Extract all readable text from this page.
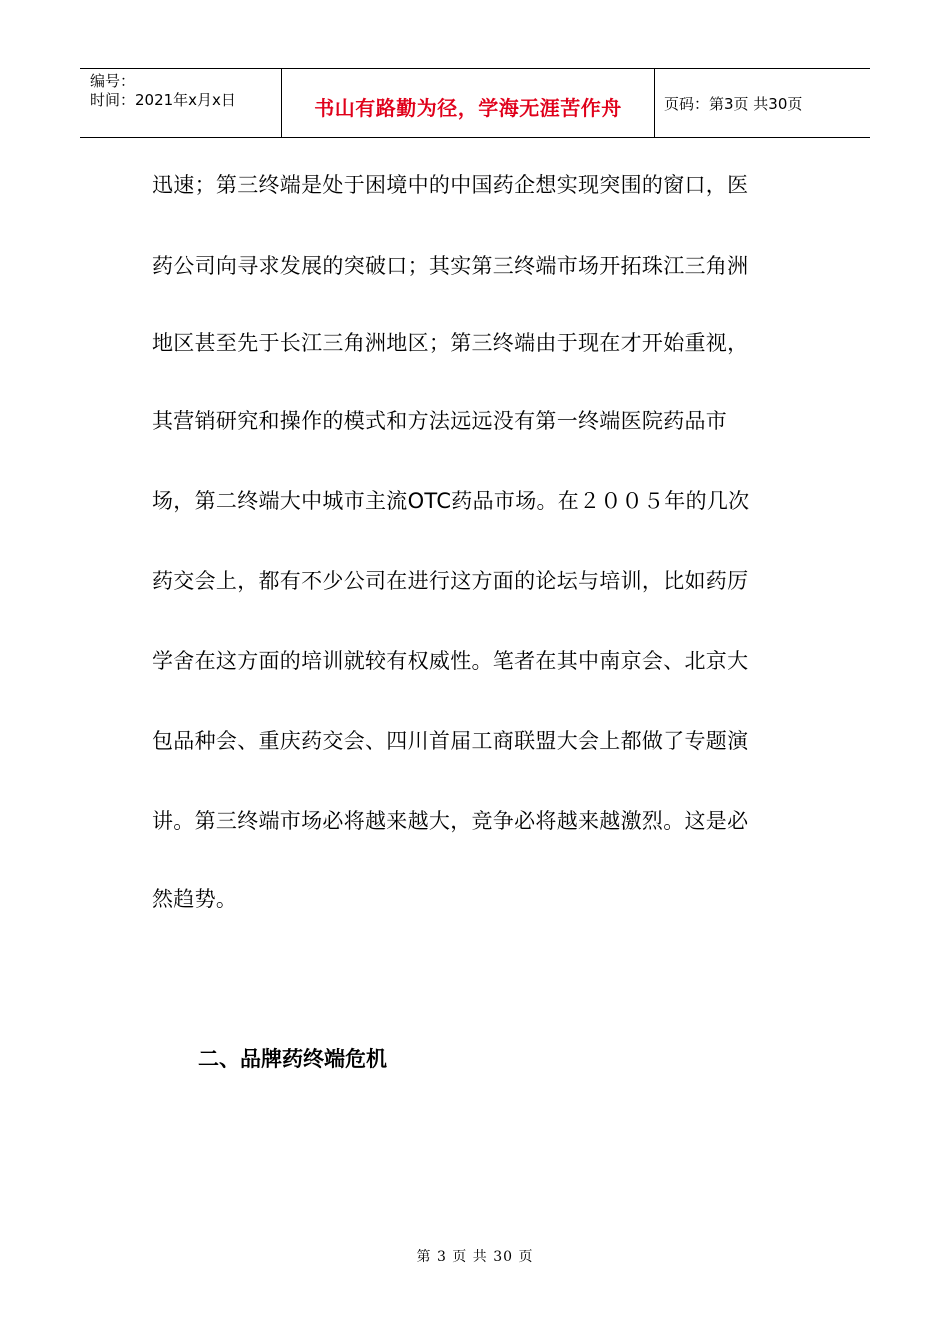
编号：
时间：2021年x月x日	书山有路勤为径，学海无涯苦作舟	页码：第3页 共30页
迅速；第三终端是处于困境中的中国药企想实现突围的窗口，医
药公司向寻求发展的突破口；其实第三终端市场开拓珠江三角洲
地区甚至先于长江三角洲地区；第三终端由于现在才开始重视，
其营销研究和操作的模式和方法远远没有第一终端医院药品市
场，第二终端大中城市主流OTC药品市场。在２００５年的几次
药交会上，都有不少公司在进行这方面的论坛与培训，比如药厉
学舍在这方面的培训就较有权威性。笔者在其中南京会、北京大
包品种会、重庆药交会、四川首届工商联盟大会上都做了专题演
讲。第三终端市场必将越来越大，竞争必将越来越激烈。这是必
然趋势。
二、品牌药终端危机
第 3 页 共 30 页
